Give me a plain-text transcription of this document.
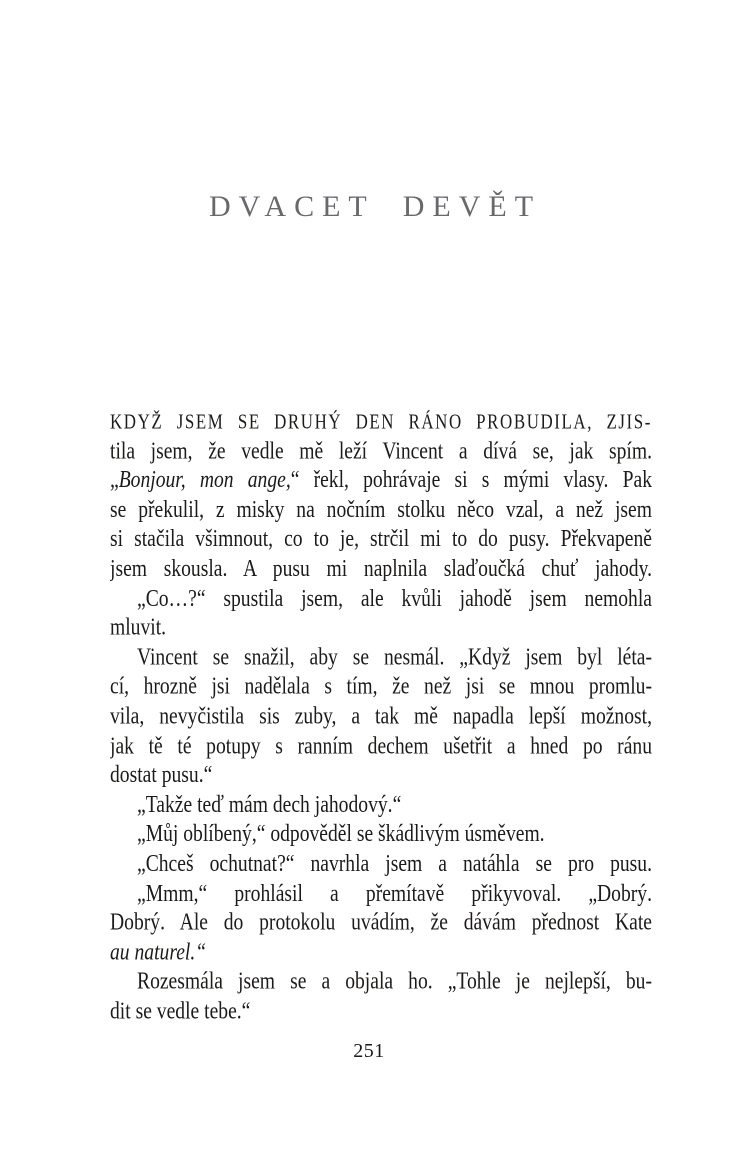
DVACET DEVĚT
KDYŽ JSEM SE DRUHÝ DEN RÁNO PROBUDILA, ZJIS-
tila jsem, že vedle mě leží Vincent a dívá se, jak spím.
„Bonjour, mon ange,“ řekl, pohrávaje si s mými vlasy. Pak
se překulil, z misky na nočním stolku něco vzal, a než jsem
si stačila všimnout, co to je, strčil mi to do pusy. Překvapeně
jsem skousla. A pusu mi naplnila slaďoučká chuť jahody.
„Co…?“ spustila jsem, ale kvůli jahodě jsem nemohla
mluvit.
Vincent se snažil, aby se nesmál. „Když jsem byl léta-
cí, hrozně jsi nadělala s tím, že než jsi se mnou promlu-
vila, nevyčistila sis zuby, a tak mě napadla lepší možnost,
jak tě té potupy s ranním dechem ušetřit a hned po ránu
dostat pusu.“
„Takže teď mám dech jahodový.“
„Můj oblíbený,“ odpověděl se škádlivým úsměvem.
„Chceš ochutnat?“ navrhla jsem a natáhla se pro pusu.
„Mmm,“ prohlásil a přemítavě přikyvoval. „Dobrý.
Dobrý. Ale do protokolu uvádím, že dávám přednost Kate
au naturel.“
Rozesmála jsem se a objala ho. „Tohle je nejlepší, bu-
dit se vedle tebe.“
251
